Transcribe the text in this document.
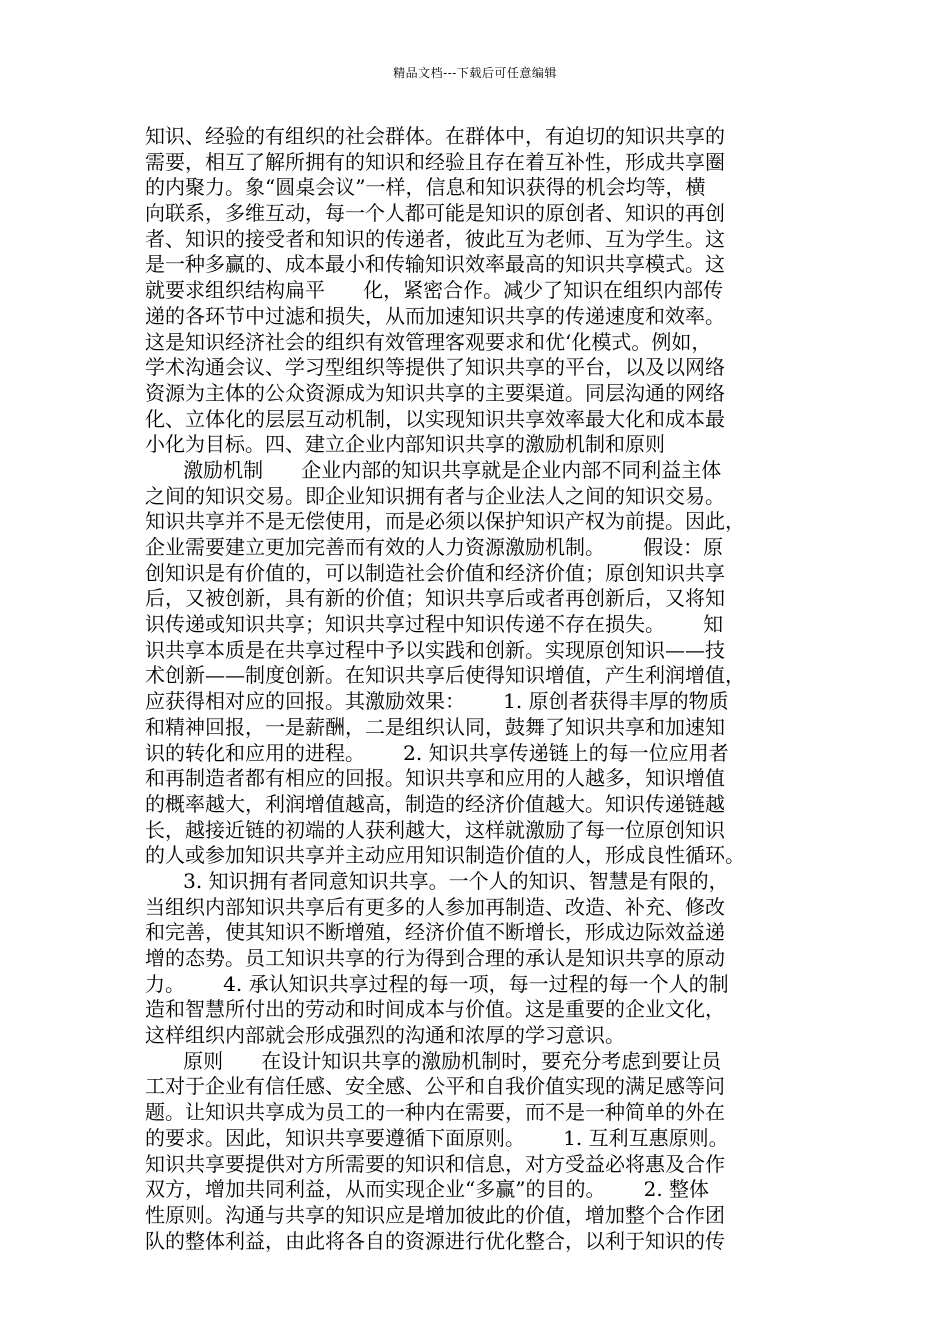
精品文档---下载后可任意编辑
知识、经验的有组织的社会群体。在群体中，有迫切的知识共享的
需要，相互了解所拥有的知识和经验且存在着互补性，形成共享圈
的内聚力。象“圆桌会议”一样，信息和知识获得的机会均等，横
向联系，多维互动，每一个人都可能是知识的原创者、知识的再创
者、知识的接受者和知识的传递者，彼此互为老师、互为学生。这
是一种多赢的、成本最小和传输知识效率最高的知识共享模式。这
就要求组织结构扁平      化，紧密合作。减少了知识在组织内部传
递的各环节中过滤和损失，从而加速知识共享的传递速度和效率。
这是知识经济社会的组织有效管理客观要求和优‘化模式。例如，
学术沟通会议、学习型组织等提供了知识共享的平台，以及以网络
资源为主体的公众资源成为知识共享的主要渠道。同层沟通的网络
化、立体化的层层互动机制，以实现知识共享效率最大化和成本最
小化为目标。四、建立企业内部知识共享的激励机制和原则
激励机制      企业内部的知识共享就是企业内部不同利益主体
之间的知识交易。即企业知识拥有者与企业法人之间的知识交易。
知识共享并不是无偿使用，而是必须以保护知识产权为前提。因此，
企业需要建立更加完善而有效的人力资源激励机制。      假设：原
创知识是有价值的，可以制造社会价值和经济价值；原创知识共享
后，又被创新，具有新的价值；知识共享后或者再创新后，又将知
识传递或知识共享；知识共享过程中知识传递不存在损失。      知
识共享本质是在共享过程中予以实践和创新。实现原创知识——技
术创新——制度创新。在知识共享后使得知识增值，产生利润增值，
应获得相对应的回报。其激励效果：      1. 原创者获得丰厚的物质
和精神回报，一是薪酬，二是组织认同，鼓舞了知识共享和加速知
识的转化和应用的进程。      2. 知识共享传递链上的每一位应用者
和再制造者都有相应的回报。知识共享和应用的人越多，知识增值
的概率越大，利润增值越高，制造的经济价值越大。知识传递链越
长，越接近链的初端的人获利越大，这样就激励了每一位原创知识
的人或参加知识共享并主动应用知识制造价值的人，形成良性循环。
3. 知识拥有者同意知识共享。一个人的知识、智慧是有限的，
当组织内部知识共享后有更多的人参加再制造、改造、补充、修改
和完善，使其知识不断增殖，经济价值不断增长，形成边际效益递
增的态势。员工知识共享的行为得到合理的承认是知识共享的原动
力。      4. 承认知识共享过程的每一项，每一过程的每一个人的制
造和智慧所付出的劳动和时间成本与价值。这是重要的企业文化，
这样组织内部就会形成强烈的沟通和浓厚的学习意识。
原则      在设计知识共享的激励机制时，要充分考虑到要让员
工对于企业有信任感、安全感、公平和自我价值实现的满足感等问
题。让知识共享成为员工的一种内在需要，而不是一种简单的外在
的要求。因此，知识共享要遵循下面原则。      1. 互利互惠原则。
知识共享要提供对方所需要的知识和信息，对方受益必将惠及合作
双方，增加共同利益，从而实现企业“多赢”的目的。      2. 整体
性原则。沟通与共享的知识应是增加彼此的价值，增加整个合作团
队的整体利益，由此将各自的资源进行优化整合，以利于知识的传
